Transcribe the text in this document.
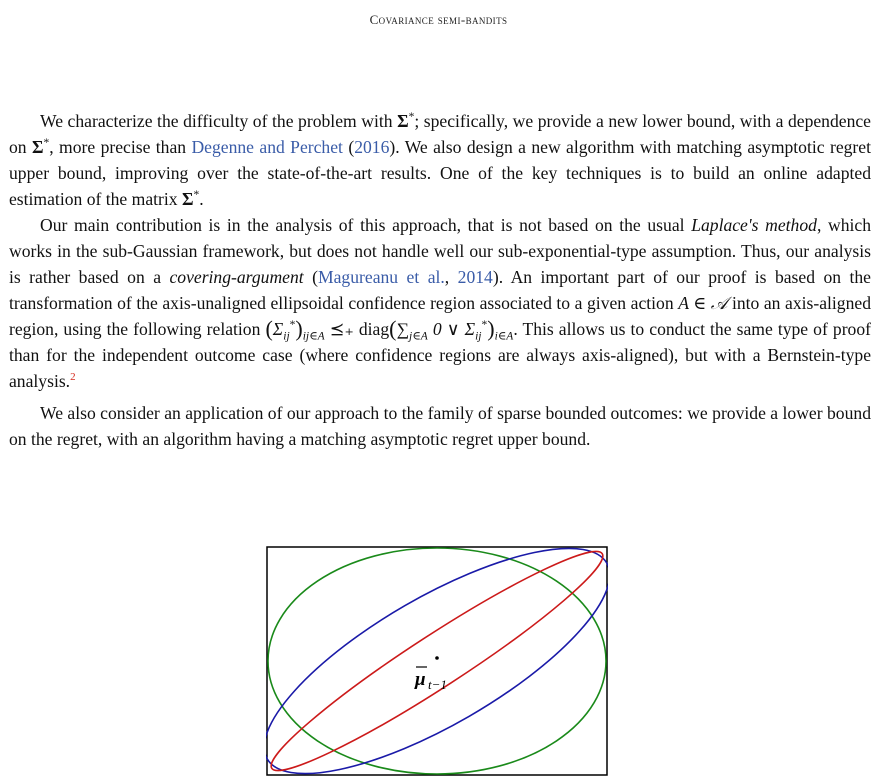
Covariance semi-bandits

We characterize the difficulty of the problem with Σ*; specifically, we provide a new lower bound, with a dependence on Σ*, more precise than Degenne and Perchet (2016). We also design a new algorithm with matching asymptotic regret upper bound, improving over the state-of-the-art results. One of the key techniques is to build an online adapted estimation of the matrix Σ*.

Our main contribution is in the analysis of this approach, that is not based on the usual Laplace's method, which works in the sub-Gaussian framework, but does not handle well our sub-exponential-type assumption. Thus, our analysis is rather based on a covering-argument (Magureanu et al., 2014). An important part of our proof is based on the transformation of the axis-unaligned ellipsoidal confidence region associated to a given action A ∈ 𝒜 into an axis-aligned region, using the following relation $(\Sigma_{ij}^*)_{ij\in A}$ ⪯₊ $diag(\sum_{j\in A}$ 0 ∨ $\Sigma_{ij}^*)_{i\in A}$. This allows us to conduct the same type of proof than for the independent outcome case (where confidence regions are always axis-aligned), but with a Bernstein-type analysis.$^2$

We also consider an application of our approach to the family of sparse bounded outcomes: we provide a lower bound on the regret, with an algorithm having a matching asymptotic regret upper bound.

μ t−1
